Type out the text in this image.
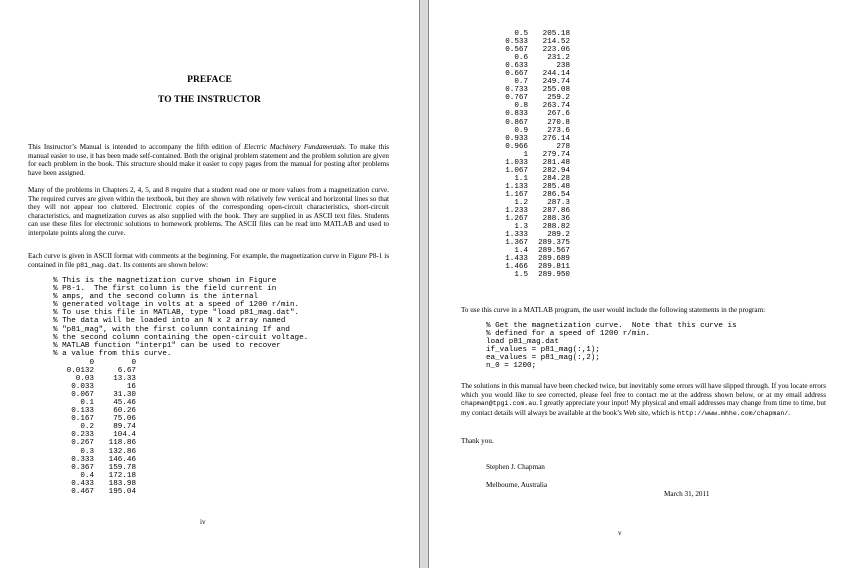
PREFACE
TO THE INSTRUCTOR
This Instructor’s Manual is intended to accompany the fifth edition of Electric Machinery Fundamentals. To make this manual easier to use, it has been made self-contained. Both the original problem statement and the problem solution are given for each problem in the book. This structure should make it easier to copy pages from the manual for posting after problems have been assigned.
Many of the problems in Chapters 2, 4, 5, and 8 require that a student read one or more values from a magnetization curve. The required curves are given within the textbook, but they are shown with relatively few vertical and horizontal lines so that they will not appear too cluttered. Electronic copies of the corresponding open-circuit characteristics, short-circuit characteristics, and magnetization curves as also supplied with the book. They are supplied in as ASCII text files. Students can use these files for electronic solutions to homework problems. The ASCII files can be read into MATLAB and used to interpolate points along the curve.
Each curve is given in ASCII format with comments at the beginning. For example, the magnetization curve in Figure P8-1 is contained in file p81_mag.dat. Its contents are shown below:
% This is the magnetization curve shown in Figure
% P8-1.  The first column is the field current in
% amps, and the second column is the internal
% generated voltage in volts at a speed of 1200 r/min.
% To use this file in MATLAB, type "load p81_mag.dat".
% The data will be loaded into an N x 2 array named
% "p81_mag", with the first column containing If and
% the second column containing the open-circuit voltage.
% MATLAB function "interp1" can be used to recover
% a value from this curve.
0	0
0.0132	6.67
0.03	13.33
0.033	16
0.067	31.30
0.1	45.46
0.133	60.26
0.167	75.06
0.2	89.74
0.233	104.4
0.267	118.86
0.3	132.86
0.333	146.46
0.367	159.78
0.4	172.18
0.433	183.98
0.467	195.04
iv
0.5	205.18
0.533	214.52
0.567	223.06
0.6	231.2
0.633	238
0.667	244.14
0.7	249.74
0.733	255.08
0.767	259.2
0.8	263.74
0.833	267.6
0.867	270.8
0.9	273.6
0.933	276.14
0.966	278
1	279.74
1.033	281.48
1.067	282.94
1.1	284.28
1.133	285.48
1.167	286.54
1.2	287.3
1.233	287.86
1.267	288.36
1.3	288.82
1.333	289.2
1.367	289.375
1.4	289.567
1.433	289.689
1.466	289.811
1.5	289.950
To use this curve in a MATLAB program, the user would include the following statements in the program:
% Get the magnetization curve.  Note that this curve is
% defined for a speed of 1200 r/min.
load p81_mag.dat
if_values = p81_mag(:,1);
ea_values = p81_mag(:,2);
n_0 = 1200;
The solutions in this manual have been checked twice, but inevitably some errors will have slipped through. If you locate errors which you would like to see corrected, please feel free to contact me at the address shown below, or at my email address chapman@tpgi.com.au. I greatly appreciate your input! My physical and email addresses may change from time to time, but my contact details will always be available at the book’s Web site, which is http://www.mhhe.com/chapman/.
Thank you.
Stephen J. Chapman
Melbourne, Australia
March 31, 2011
v
